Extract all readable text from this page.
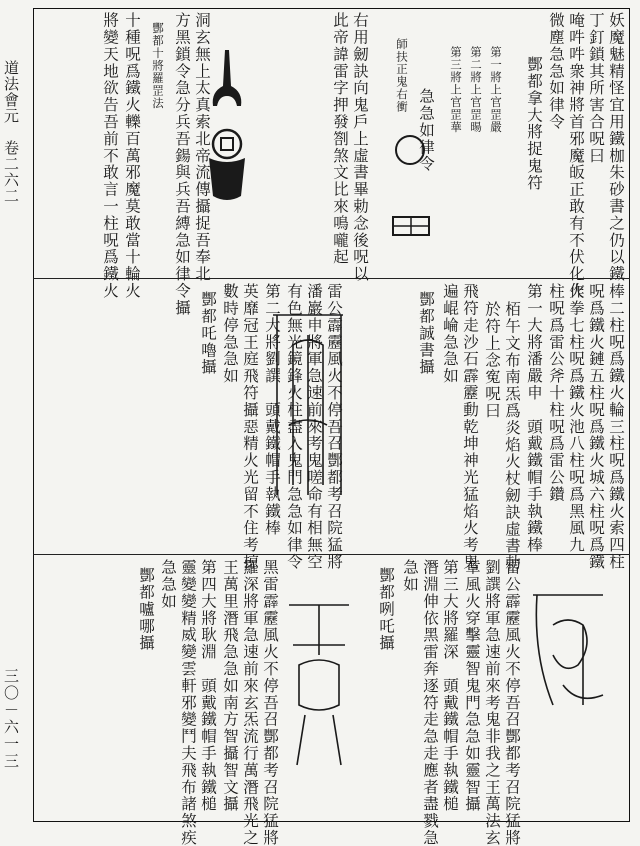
道法會元　卷二六二
三〇－六一三
妖魔魅精怪宜用鐵枷朱砂書之仍以鐵
丁釘鎖其所害合呪曰
唵吽吽衆神將首邪魔皈正敢有不伏化作
微塵急急如律令
酆都拿大將捉鬼符
第一將上官罡嚴
第二將上官罡暘
第三將上官罡華
急急如律令
師扶正鬼右衝
右用劒訣向鬼戶上虛書畢勅念後呪以
此帝諱雷字押發劄煞文比來鳴嚨起
洞玄無上太真索北帝流傳攝捉吾奉北
方黑鎖令急分兵吾鍚與兵吾縛急如律令攝
酆都十將羅罡法
十種呪爲鐵火轢百萬邪魔莫敢當十輪火
將變天地欲告吾前不敢言一柱呪爲鐵火
棒二柱呪爲鐵火輪三柱呪爲鐵火索四柱
呪爲鐵火鏈五柱呪爲鐵火城六柱呪爲鐵
火拳七柱呪爲鐵火池八柱呪爲黑風九
柱呪爲雷公斧十柱呪爲雷公鑽
第一大將潘嚴申　頭戴鐵帽手執鐵棒
栢午文布南炁爲炎焰火杖劒訣虛書勅
於符上念寃呪曰
飛符走沙石霹靂動乾坤神光猛焰火考鬼
遍崐崘急急如
酆都誠書攝
雷公霹靂風火不停吾召酆都考召院猛將
潘巖申將軍急速前來考鬼嗟命有相無空
有色無光鏡鋒火柱盡入鬼門急急如律令
第二大將劉譔　頭戴鐵帽手執鐵棒
英靡冠王庭飛符攝惡精火光留不住考掠
數時停急急如
酆都吒嚕攝
雷公霹靂風火不停吾召酆都考召院猛將
劉譔將軍急速前來考鬼非我之王萬法玄
章風火穿擊靈智鬼門急急如靈智攝
第三大將羅深　頭戴鐵帽手執鐵槌
潛淵伸依黑雷奔逐符走急走應者盡戮急
急如
酆都咧吒攝
黑雷霹靂風火不停吾召酆都考召院猛將
羅深將軍急速前來玄炁流行萬潛飛光之
王萬里潛飛急急如南方智攝智文攝
第四大將耿淵　頭戴鐵帽手執鐵槌
靈變變精威變雲軒邪變鬥夫飛布諸煞疾
急急如
酆都嚧哪攝
